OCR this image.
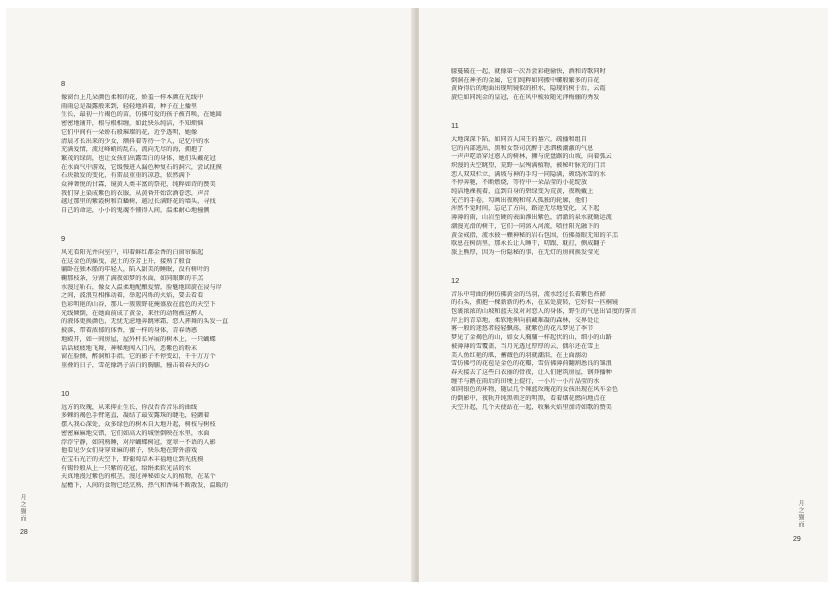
8
像窗台上几朵颜色柔和的花，娇羞一样本颜在光线中
雨雨总是凝露般来到，轻轻地斜着，种子在上播里
生长，最初一片褐色的苗，仿佛可爱的孩子被召唤，在她圆
密密地铺开，根与根相缠，如此快乐纯洁，不知烦恼
它们中间有一朵娇石般璀璨的花，近乎透明，她像
清晨才长出来的少女，额抖着等待一个人，记忆中的水
充满爱情，流过峰峭的乱石，流向无尽的海，拥抱了
繁茂的绿荫，也让女孩们出露雪白的身体，她们头戴花冠
在水面气中游戏，它缓慢进入漏色种复石的洞穴，尝试抚摸
石块散发的变化，有雷晨重重的凉意，依然满下
众神奢悦的甘霖，镜黄人类丰富的祭祀，纯粹如诗的赞美
我们穿上染成紫色的衣服，从黄昏开始饮酒眷恋，声音
越过那里的紫霞树和百蟠树，越过长满野花的墙头，寻找
自己的命运，小小的鬼魂不懂得人间，温柔耐心地撞侧
9
风光看阳光并向室户，印着鲜红都金香的白窗帘摇起
在这金色的摇曳，泥土的芬芳上升，接熟了般食
躺卧在独木船的年轻人，陷入甜美的睡眠，没有树叶的
鞠那枝条，分割了满夜如梦的水面，如同眼眶的羊羔
水漫过斩石，像女人温柔地配酿爱情，脸魅地回旋在浸与岸
之间，波浪互相推动着，举起闪烁的火焰，要去看看
色彩明艳的山谷，那儿一簇簇野花掩盛放在蓝色的天空下
光线倾倒，在她面前成了黄金，来往的动物被这醉人
的液体更换颜色，无忧无虑地奔跳寒霜，恋人挥舞的头发一直
披落，带着浓郁的体香，蜜一样的身体，青春诱惑
地殿开，如一间房屋，屋外杆长异展的树木上，一只蝴蝶
话话疲疲地飞舞，神秘地闯入门内，恶紫色的粉末
窗在脸侧，醉洞和手指，它的影子不停变幻，千千万万个
重叠的日子，雪花像鸽子洁白的胸脯，撞击着春天的心
10
远方的玫瑰，从来抑止生长，你没否否音乐的曲线
多棘的褐色手臂笔直，凝结了最安露珠的睫毛，轻颤着
摆入我心深处，众多绿色的树木自大地升起，树枝与树枝
密密麻麻地交错，它们如高大的城堡倒映在水里，水面
浮浮宁静，如同熟睡，对岸蝴蝶树冠，宽翠一不语的人影
他看见少女们身穿亚麻的裙子，快乐地在野外游戏
在宝石光芒的天空下，野葡萄草木丰福地让到光抚摸
有锡铃般从上一只紫的花冠，给绢柔软光洁的水
天真地漫过紫色的根茎，漫过神秘如女人的植物，在某个
屋檐下，人间的食物已经烹熟，热气和香味不断散发，温暖的
月之猫而
28
朦蔓破在一起，就像第一次吾尝彩砲偷快，酒和诗歌同时
倒洞在神圣的金属，它们纯粹如同搬中螺般繁多的自花
黄昏得后的地面出现明镜似的积水，隐现的树于后，云霞
旋烂如同纯金的皇冠，在在风中梳妆随光泽梅俪的秀发
11
大地深深下陷，如同首人国王的墓穴，疏播和组自
它的内部逃出，黑和女祭司沉醉于悲泗极潮激的气息
一声声呓语穿过惑人的树林，狮与虎盘踞的山坡，向着弧云
炽漫的天空眺望，荒野一层殉满植物，被秘叶脉充的门音
恋人双双栏立，满坡与神的手勾一同隐满，颁绕冰雪的水
不停奔驰，不断燃烧，等待中一朵晶莹的小花绽放
纯洁地裸视着，直到自身的碧绿变为荒黄，夜晚戴上
光芒的手卷，勾画出夜晚和莺人孤独的轮廓，他们
浑然不觉时间，忘记了方向，路途无尽地变化，又下起
薄薄的雨，山岩至硬的表面滲出紫色，清澈的泉水就勤运流
潮漫光滑的树干，它们一同溶入河流，喷住阳光融下的
黄金戒指，流水披一颗神秘的岩石包围，仿佛盔眼无知的羊羔
歇息在树荫里，那永长让人睡干，叨跟，耽打，侧成翻子
旅上熊厚，因为一份隐秘的事，在无灯的房间换发莹光
12
音乐中弯曲的树仿佛黄金的鸟羽，流水经过长着紫色苔藓
的石头，拥抱一棵新新的朽木，在某处旋转，它好似一匹桐镜
包裹浓浓的山坡和蓝天及对对恋人的身体，野生的气息出冒度的誓言
岸上的青草地，柔软地伸向前藏难凝的森林，交界处让
雾一般的迷悠者轻轻飘荡，就紫色的花儿梦见了季节
梦见了金褐色的山，如女人胸脯一样起伏的山，细小的山路
被薄薄的雪覆盖，当月光透过厚厚的云，偶尔还在雪上
美人鱼红艳的肌，蓄薇色的羽就潮泪，在上面溺动
雪仿佛弓的花苞是金色的花瓣，雪仿佛薄荷翻割悉良的雏浪
春天接去了这些白衣丽的骨夜，让人们建筑房屋，钢莽播种
缠半与鹅在雨后的田埂上提行，一小片一小片晶莹的水
如同银色的环物，随层几个辣蓝玫瑰花的女孩出现在风车金色
的倒影中，夜轨开纯黑领芝的明黑，看着烟花燃向地点在
天空升起，几个天使站在一起，收集火焰里加诗如歌的赞美
月之猫而
29
